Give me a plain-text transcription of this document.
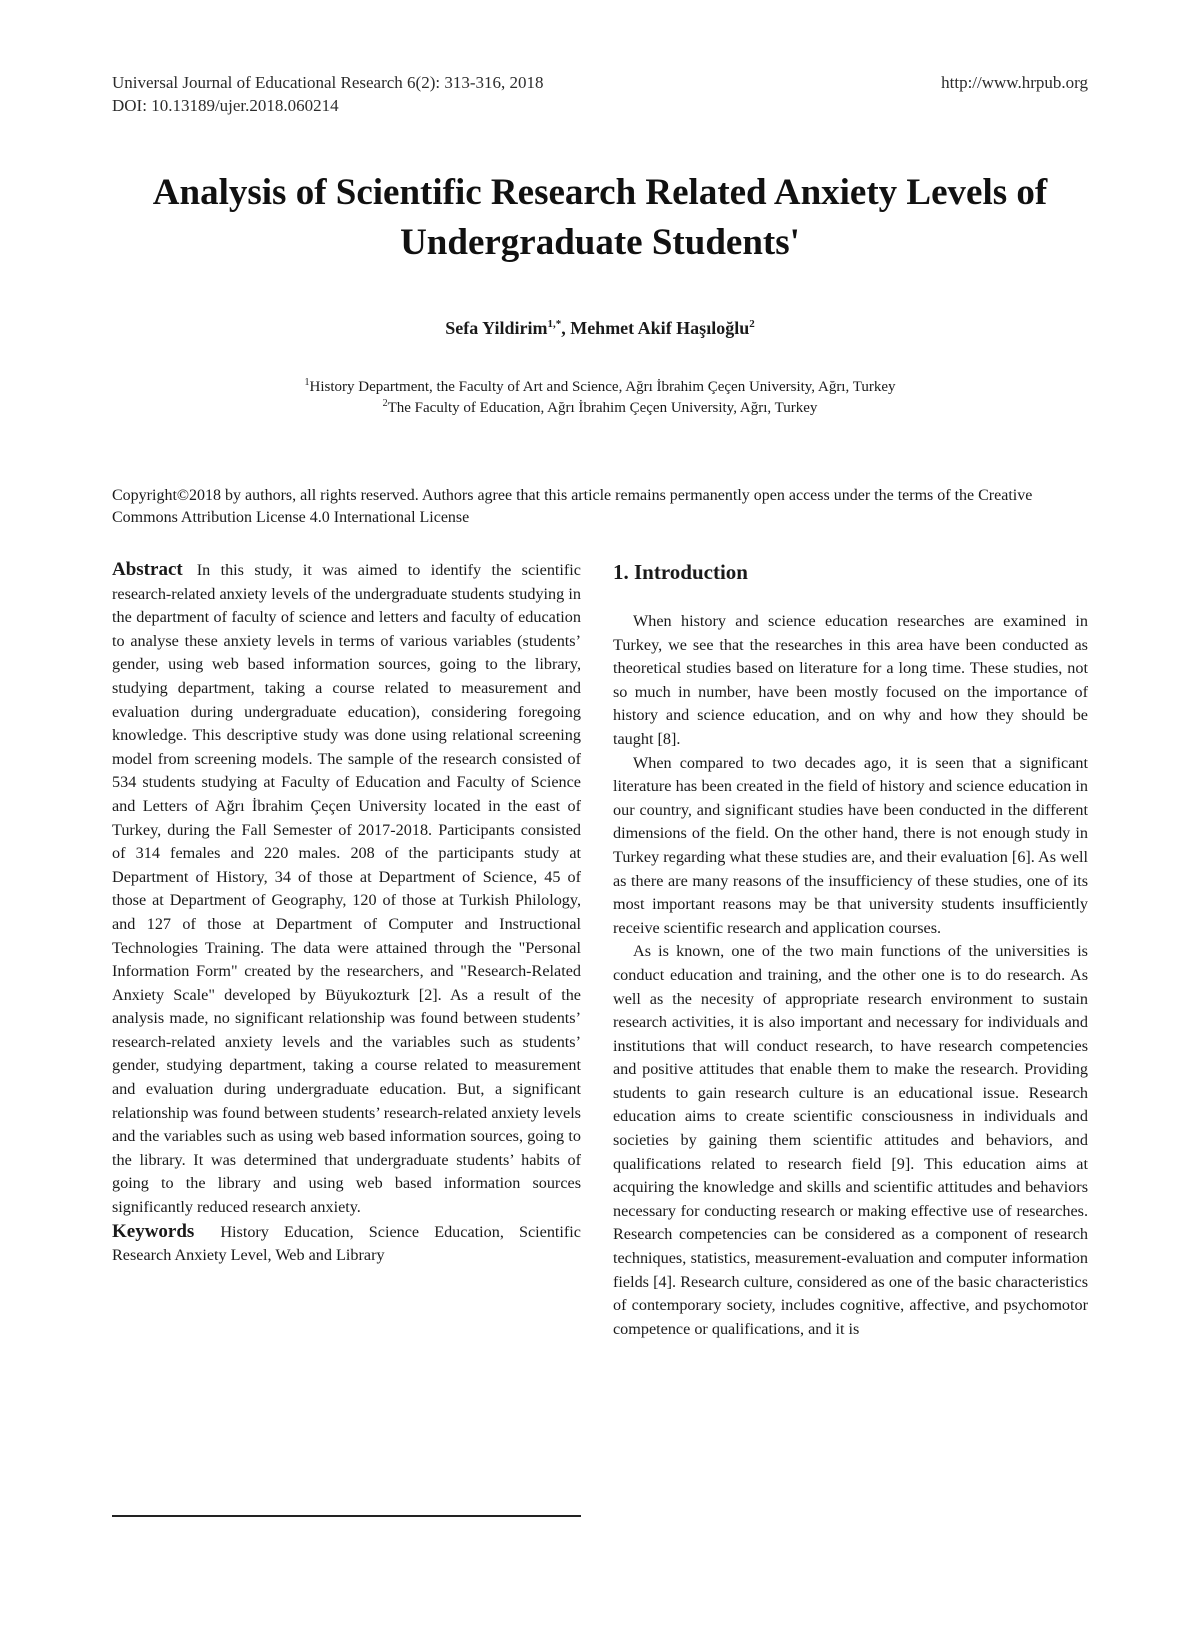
Universal Journal of Educational Research 6(2): 313-316, 2018
DOI: 10.13189/ujer.2018.060214
http://www.hrpub.org
Analysis of Scientific Research Related Anxiety Levels of Undergraduate Students'
Sefa Yildirim$^{1,*}$, Mehmet Akif Haşıloğlu$^2$
$^1$History Department, the Faculty of Art and Science, Ağrı İbrahim Çeçen University, Ağrı, Turkey
$^2$The Faculty of Education, Ağrı İbrahim Çeçen University, Ağrı, Turkey
Copyright©2018 by authors, all rights reserved. Authors agree that this article remains permanently open access under the terms of the Creative Commons Attribution License 4.0 International License

Abstract In this study, it was aimed to identify the scientific research-related anxiety levels of the undergraduate students studying in the department of faculty of science and letters and faculty of education to analyse these anxiety levels in terms of various variables (students’ gender, using web based information sources, going to the library, studying department, taking a course related to measurement and evaluation during undergraduate education), considering foregoing knowledge. This descriptive study was done using relational screening model from screening models. The sample of the research consisted of 534 students studying at Faculty of Education and Faculty of Science and Letters of Ağrı İbrahim Çeçen University located in the east of Turkey, during the Fall Semester of 2017-2018. Participants consisted of 314 females and 220 males. 208 of the participants study at Department of History, 34 of those at Department of Science, 45 of those at Department of Geography, 120 of those at Turkish Philology, and 127 of those at Department of Computer and Instructional Technologies Training. The data were attained through the "Personal Information Form" created by the researchers, and "Research-Related Anxiety Scale" developed by Büyukozturk [2]. As a result of the analysis made, no significant relationship was found between students’ research-related anxiety levels and the variables such as students’ gender, studying department, taking a course related to measurement and evaluation during undergraduate education. But, a significant relationship was found between students’ research-related anxiety levels and the variables such as using web based information sources, going to the library. It was determined that undergraduate students’ habits of going to the library and using web based information sources significantly reduced research anxiety.

Keywords History Education, Science Education, Scientific Research Anxiety Level, Web and Library

1. Introduction

When history and science education researches are examined in Turkey, we see that the researches in this area have been conducted as theoretical studies based on literature for a long time. These studies, not so much in number, have been mostly focused on the importance of history and science education, and on why and how they should be taught [8].

When compared to two decades ago, it is seen that a significant literature has been created in the field of history and science education in our country, and significant studies have been conducted in the different dimensions of the field. On the other hand, there is not enough study in Turkey regarding what these studies are, and their evaluation [6]. As well as there are many reasons of the insufficiency of these studies, one of its most important reasons may be that university students insufficiently receive scientific research and application courses.

As is known, one of the two main functions of the universities is conduct education and training, and the other one is to do research. As well as the necesity of appropriate research environment to sustain research activities, it is also important and necessary for individuals and institutions that will conduct research, to have research competencies and positive attitudes that enable them to make the research. Providing students to gain research culture is an educational issue. Research education aims to create scientific consciousness in individuals and societies by gaining them scientific attitudes and behaviors, and qualifications related to research field [9]. This education aims at acquiring the knowledge and skills and scientific attitudes and behaviors necessary for conducting research or making effective use of researches. Research competencies can be considered as a component of research techniques, statistics, measurement-evaluation and computer information fields [4]. Research culture, considered as one of the basic characteristics of contemporary society, includes cognitive, affective, and psychomotor competence or qualifications, and it is
